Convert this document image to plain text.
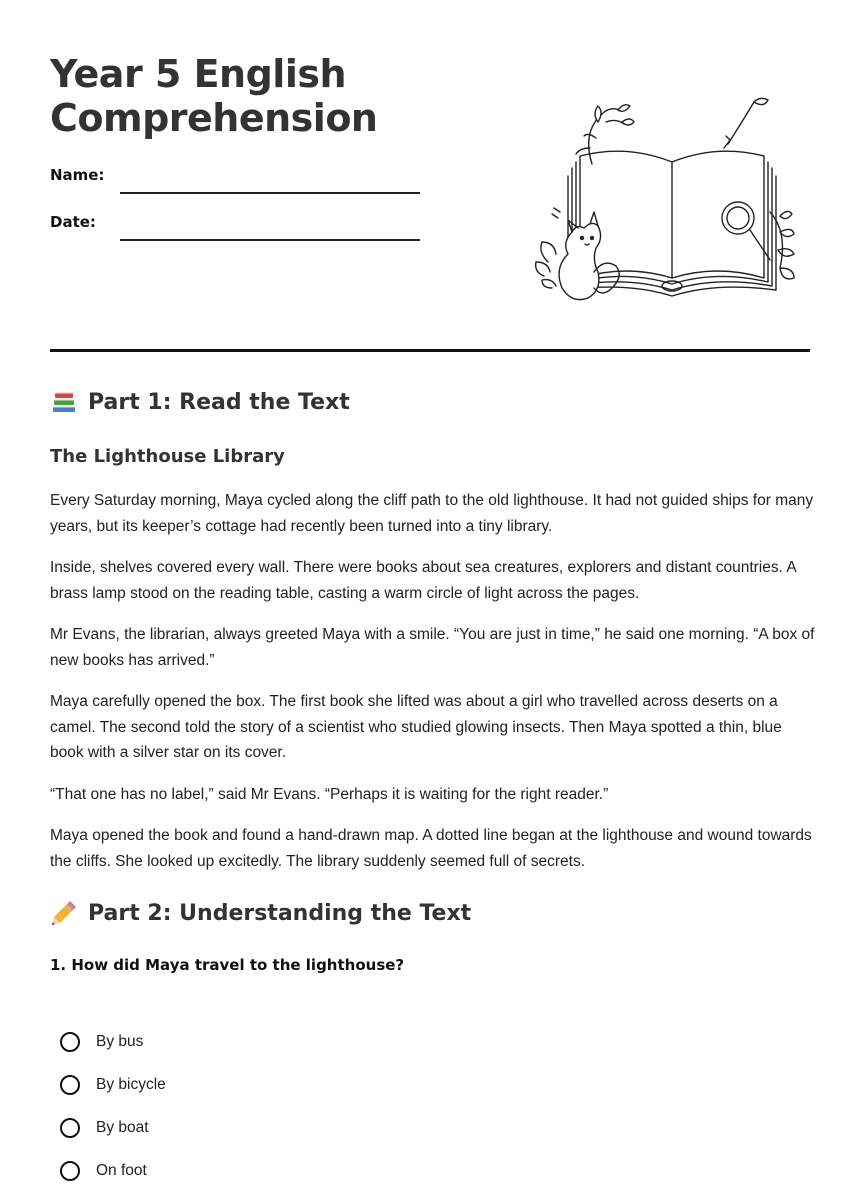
Year 5 English
Comprehension
Name:
Date:
Part 1: Read the Text
The Lighthouse Library

Every Saturday morning, Maya cycled along the cliff path to the old lighthouse. It had not guided ships for many years, but its keeper’s cottage had recently been turned into a tiny library.

Inside, shelves covered every wall. There were books about sea creatures, explorers and distant countries. A brass lamp stood on the reading table, casting a warm circle of light across the pages.

Mr Evans, the librarian, always greeted Maya with a smile. “You are just in time,” he said one morning. “A box of new books has arrived.”

Maya carefully opened the box. The first book she lifted was about a girl who travelled across deserts on a camel. The second told the story of a scientist who studied glowing insects. Then Maya spotted a thin, blue book with a silver star on its cover.

“That one has no label,” said Mr Evans. “Perhaps it is waiting for the right reader.”

Maya opened the book and found a hand-drawn map. A dotted line began at the lighthouse and wound towards the cliffs. She looked up excitedly. The library suddenly seemed full of secrets.

Part 2: Understanding the Text

1. How did Maya travel to the lighthouse?

By bus
By bicycle
By boat
On foot
